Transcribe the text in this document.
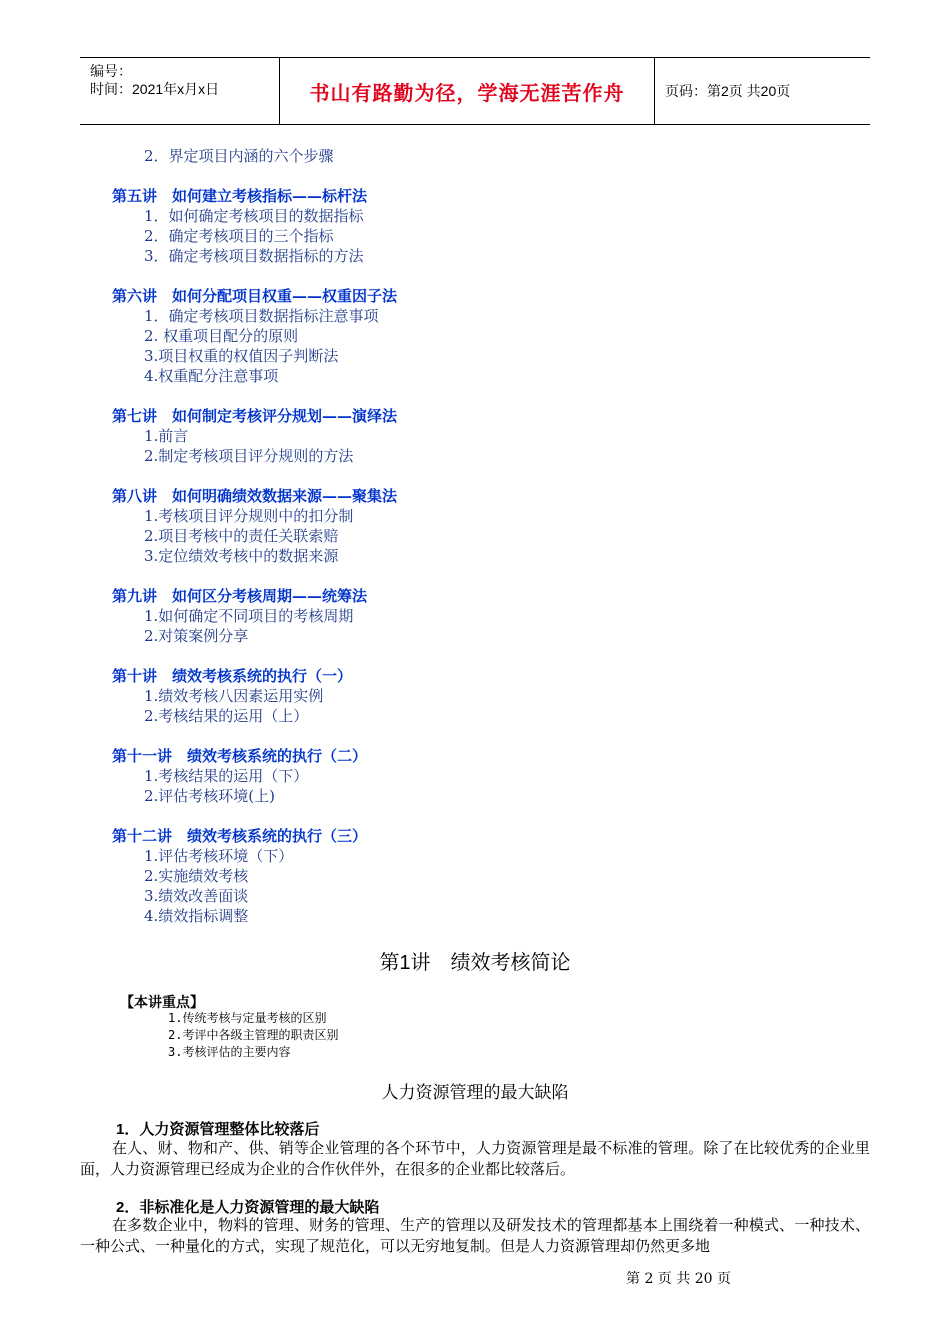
编号：
时间：2021年x月x日	书山有路勤为径，学海无涯苦作舟	页码：第2页 共20页
2．界定项目内涵的六个步骤
第五讲　如何建立考核指标——标杆法
1．如何确定考核项目的数据指标
2．确定考核项目的三个指标
3．确定考核项目数据指标的方法
第六讲　如何分配项目权重——权重因子法
1．确定考核项目数据指标注意事项
2. 权重项目配分的原则
3.项目权重的权值因子判断法
4.权重配分注意事项
第七讲　如何制定考核评分规划——演绎法
1.前言
2.制定考核项目评分规则的方法
第八讲　如何明确绩效数据来源——聚集法
1.考核项目评分规则中的扣分制
2.项目考核中的责任关联索赔
3.定位绩效考核中的数据来源
第九讲　如何区分考核周期——统筹法
1.如何确定不同项目的考核周期
2.对策案例分享
第十讲　绩效考核系统的执行（一）
1.绩效考核八因素运用实例
2.考核结果的运用（上）
第十一讲　绩效考核系统的执行（二）
1.考核结果的运用（下）
2.评估考核环境(上)
第十二讲　绩效考核系统的执行（三）
1.评估考核环境（下）
2.实施绩效考核
3.绩效改善面谈
4.绩效指标调整
第1讲　绩效考核简论
【本讲重点】
1.传统考核与定量考核的区别
2.考评中各级主管理的职责区别
3.考核评估的主要内容
人力资源管理的最大缺陷
1．人力资源管理整体比较落后
在人、财、物和产、供、销等企业管理的各个环节中，人力资源管理是最不标准的管理。除了在比较优秀的企业里面，人力资源管理已经成为企业的合作伙伴外，在很多的企业都比较落后。
2．非标准化是人力资源管理的最大缺陷
在多数企业中，物料的管理、财务的管理、生产的管理以及研发技术的管理都基本上围绕着一种模式、一种技术、一种公式、一种量化的方式，实现了规范化，可以无穷地复制。但是人力资源管理却仍然更多地
第 2 页 共 20 页
